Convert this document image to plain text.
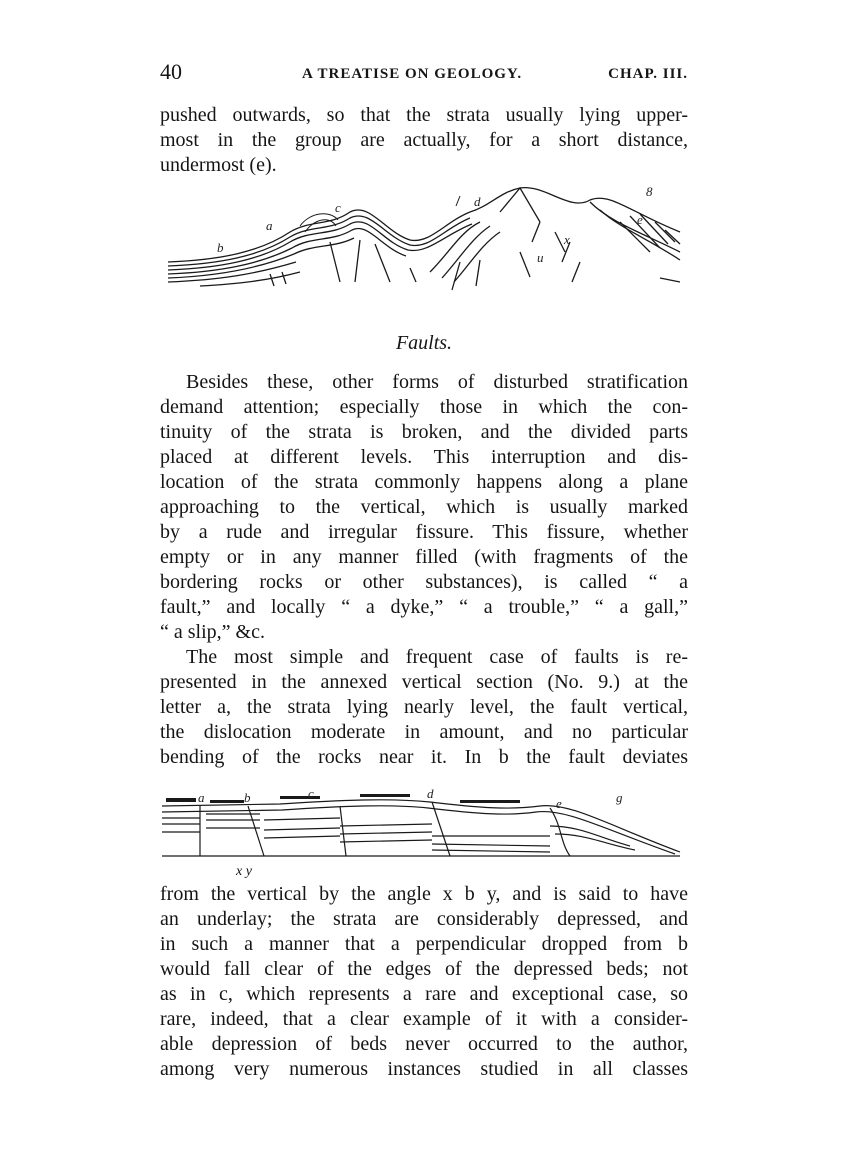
40	A TREATISE ON GEOLOGY.	CHAP. III.
pushed outwards, so that the strata usually lying upper-
most in the group are actually, for a short distance,
undermost (e).
b
a
c	d
x
u
e
8
Faults.
Besides these, other forms of disturbed stratification
demand attention; especially those in which the con-
tinuity of the strata is broken, and the divided parts
placed at different levels. This interruption and dis-
location of the strata commonly happens along a plane
approaching to the vertical, which is usually marked
by a rude and irregular fissure. This fissure, whether
empty or in any manner filled (with fragments of the
bordering rocks or other substances), is called “ a
fault,” and locally “ a dyke,” “ a trouble,” “ a gall,”
“ a slip,” &c.
The most simple and frequent case of faults is re-
presented in the annexed vertical section (No. 9.) at the
letter a, the strata lying nearly level, the fault vertical,
the dislocation moderate in amount, and no particular
bending of the rocks near it. In b the fault deviates
a	b	c	d
e	g
x y
from the vertical by the angle x b y, and is said to have
an underlay; the strata are considerably depressed, and
in such a manner that a perpendicular dropped from b
would fall clear of the edges of the depressed beds; not
as in c, which represents a rare and exceptional case, so
rare, indeed, that a clear example of it with a consider-
able depression of beds never occurred to the author,
among very numerous instances studied in all classes
